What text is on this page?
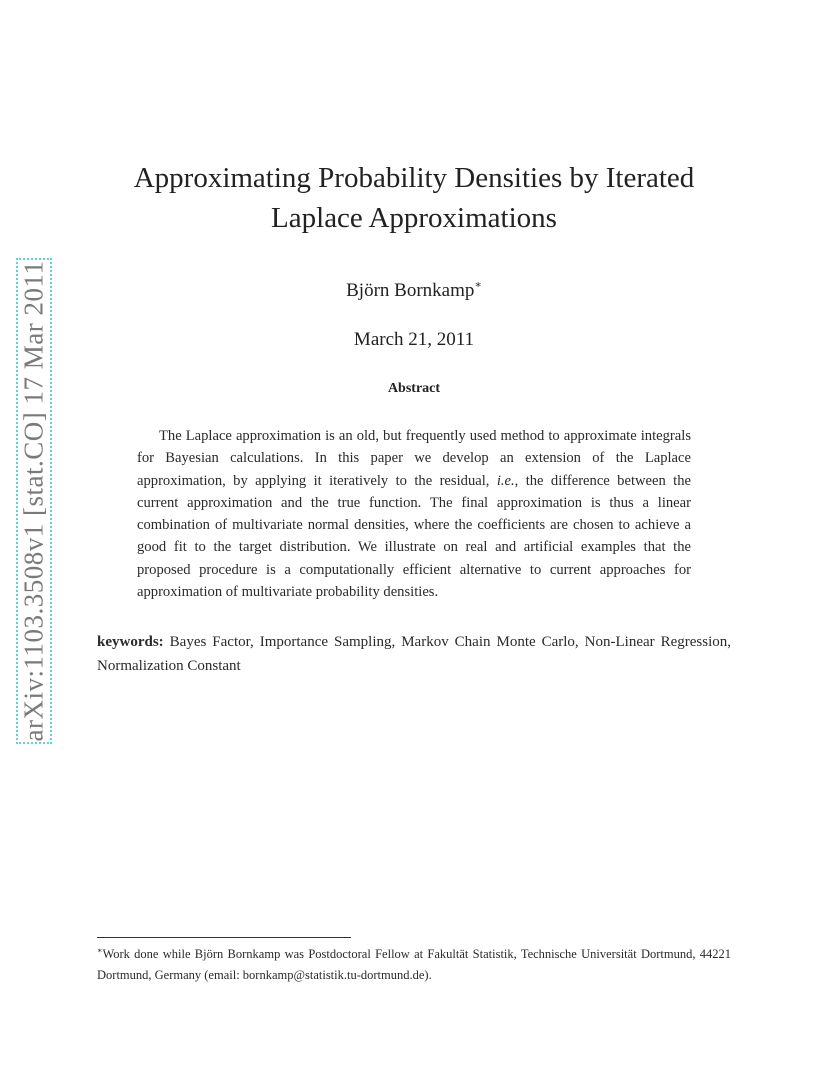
arXiv:1103.3508v1 [stat.CO] 17 Mar 2011
Approximating Probability Densities by Iterated
Laplace Approximations
Björn Bornkamp∗
March 21, 2011
Abstract
The Laplace approximation is an old, but frequently used method to approximate integrals for Bayesian calculations. In this paper we develop an extension of the Laplace approximation, by applying it iteratively to the residual, i.e., the difference between the current approximation and the true function. The final approximation is thus a linear combination of multivariate normal densities, where the coefficients are chosen to achieve a good fit to the target distribution. We illustrate on real and artificial examples that the proposed procedure is a computationally efficient alternative to current approaches for approximation of multivariate probability densities.
keywords: Bayes Factor, Importance Sampling, Markov Chain Monte Carlo, Non-Linear Regression, Normalization Constant
∗Work done while Björn Bornkamp was Postdoctoral Fellow at Fakultät Statistik, Technische Universität Dortmund, 44221 Dortmund, Germany (email: bornkamp@statistik.tu-dortmund.de).
